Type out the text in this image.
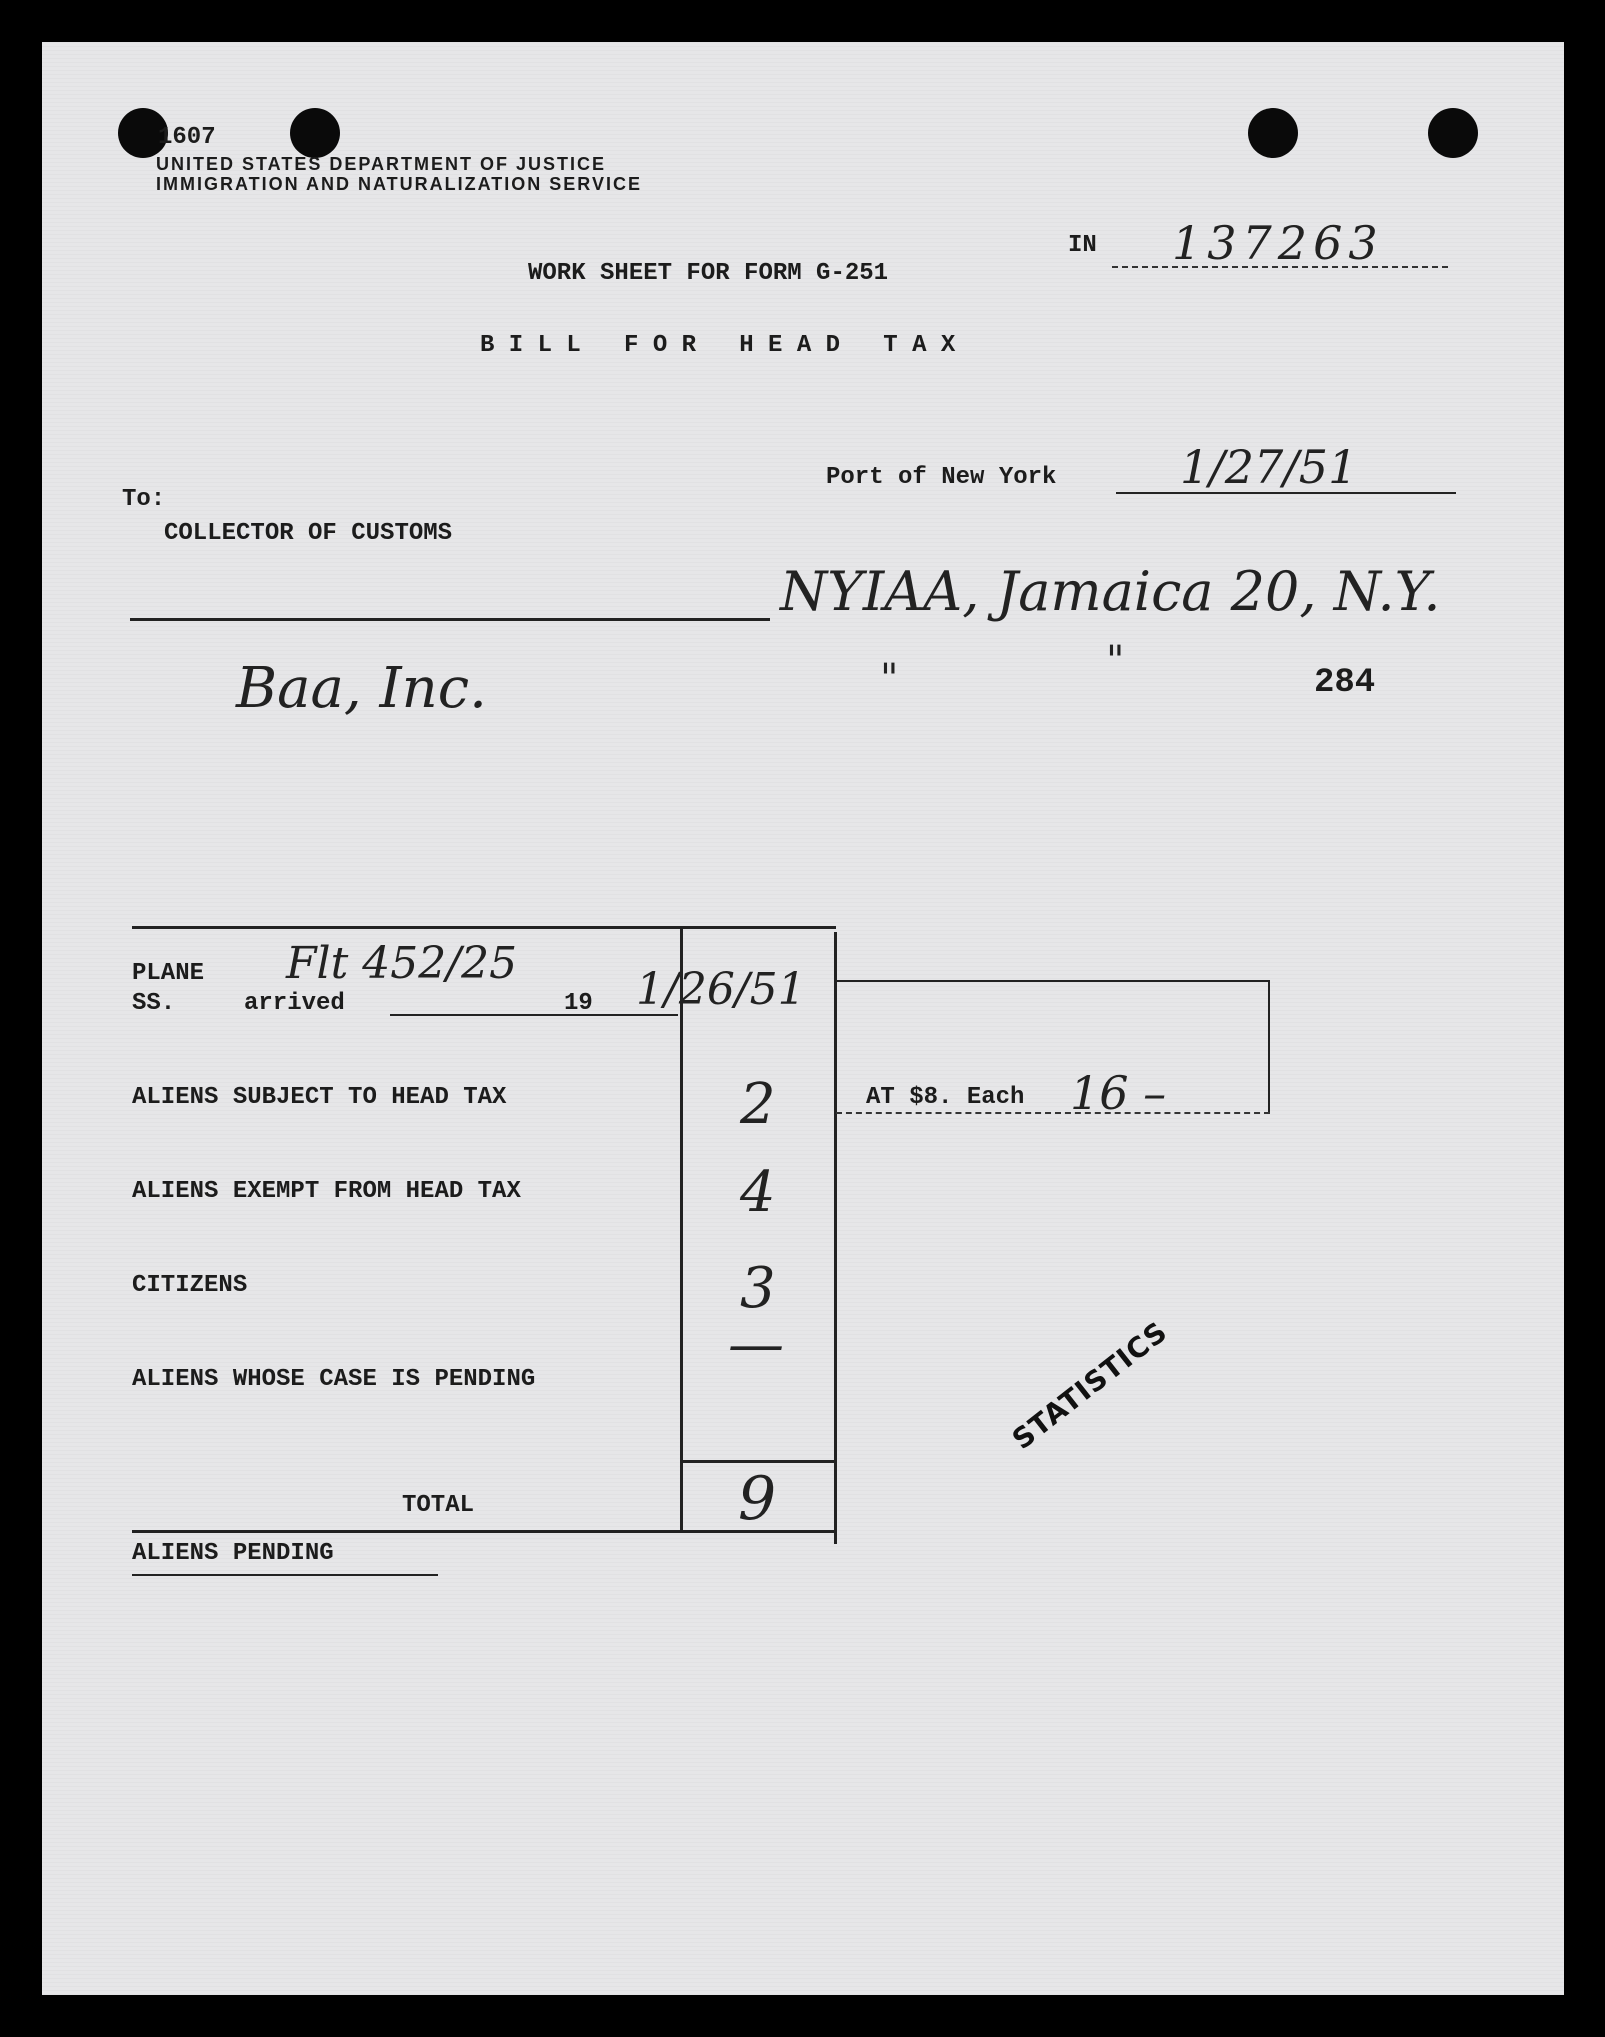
1607
UNITED STATES DEPARTMENT OF JUSTICE
IMMIGRATION AND NATURALIZATION SERVICE
IN 137263
WORK SHEET FOR FORM G-251
B I L L   F O R   H E A D   T A X
Port of New York	1/27/51
To:
COLLECTOR OF CUSTOMS
NYIAA, Jamaica 20, N.Y.
Baa, Inc.	"	"	284
PLANE
SS.	arrived	19
Flt 452/25
1/26/51
ALIENS SUBJECT TO HEAD TAX	2
ALIENS EXEMPT FROM HEAD TAX	4
CITIZENS	3
ALIENS WHOSE CASE IS PENDING
—
AT $8. Each 16 –
TOTAL	9
ALIENS PENDING
STATISTICS
